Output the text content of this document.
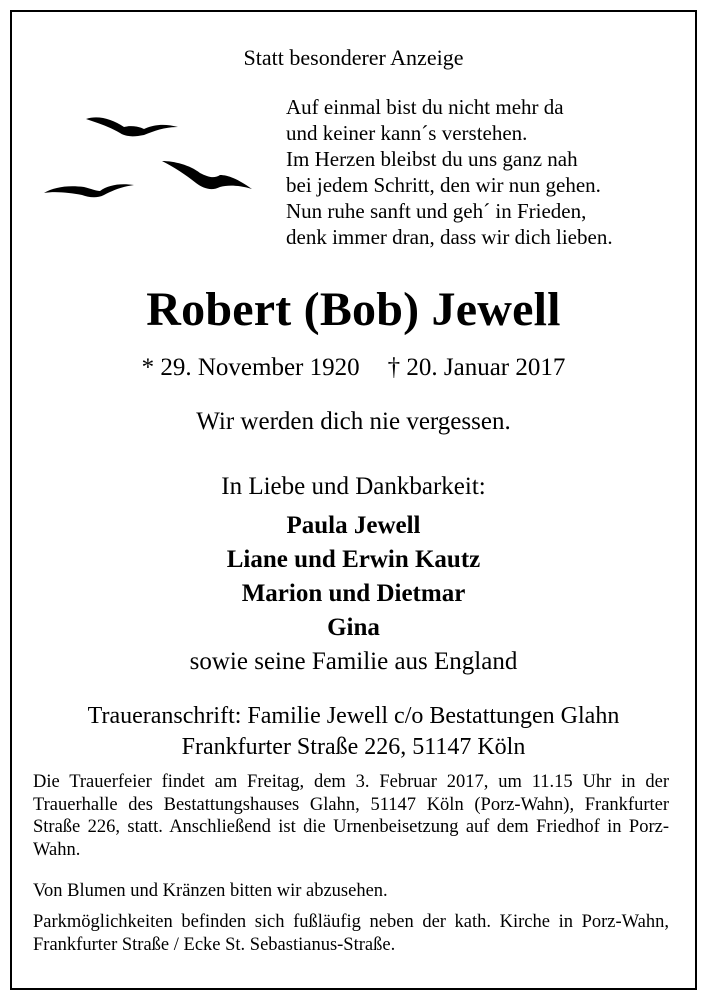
Statt besonderer Anzeige
Auf einmal bist du nicht mehr da
und keiner kann´s verstehen.
Im Herzen bleibst du uns ganz nah
bei jedem Schritt, den wir nun gehen.
Nun ruhe sanft und geh´ in Frieden,
denk immer dran, dass wir dich lieben.
Robert (Bob) Jewell
* 29. November 1920 † 20. Januar 2017
Wir werden dich nie vergessen.
In Liebe und Dankbarkeit:
Paula Jewell
Liane und Erwin Kautz
Marion und Dietmar
Gina
sowie seine Familie aus England
Traueranschrift: Familie Jewell c/o Bestattungen Glahn
Frankfurter Straße 226, 51147 Köln
Die Trauerfeier findet am Freitag, dem 3. Februar 2017, um 11.15 Uhr in der Trauerhalle des Bestattungshauses Glahn, 51147 Köln (Porz-Wahn), Frankfurter Straße 226, statt. Anschließend ist die Urnenbeisetzung auf dem Friedhof in Porz-Wahn.
Von Blumen und Kränzen bitten wir abzusehen.
Parkmöglichkeiten befinden sich fußläufig neben der kath. Kirche in Porz-Wahn, Frankfurter Straße / Ecke St. Sebastianus-Straße.
